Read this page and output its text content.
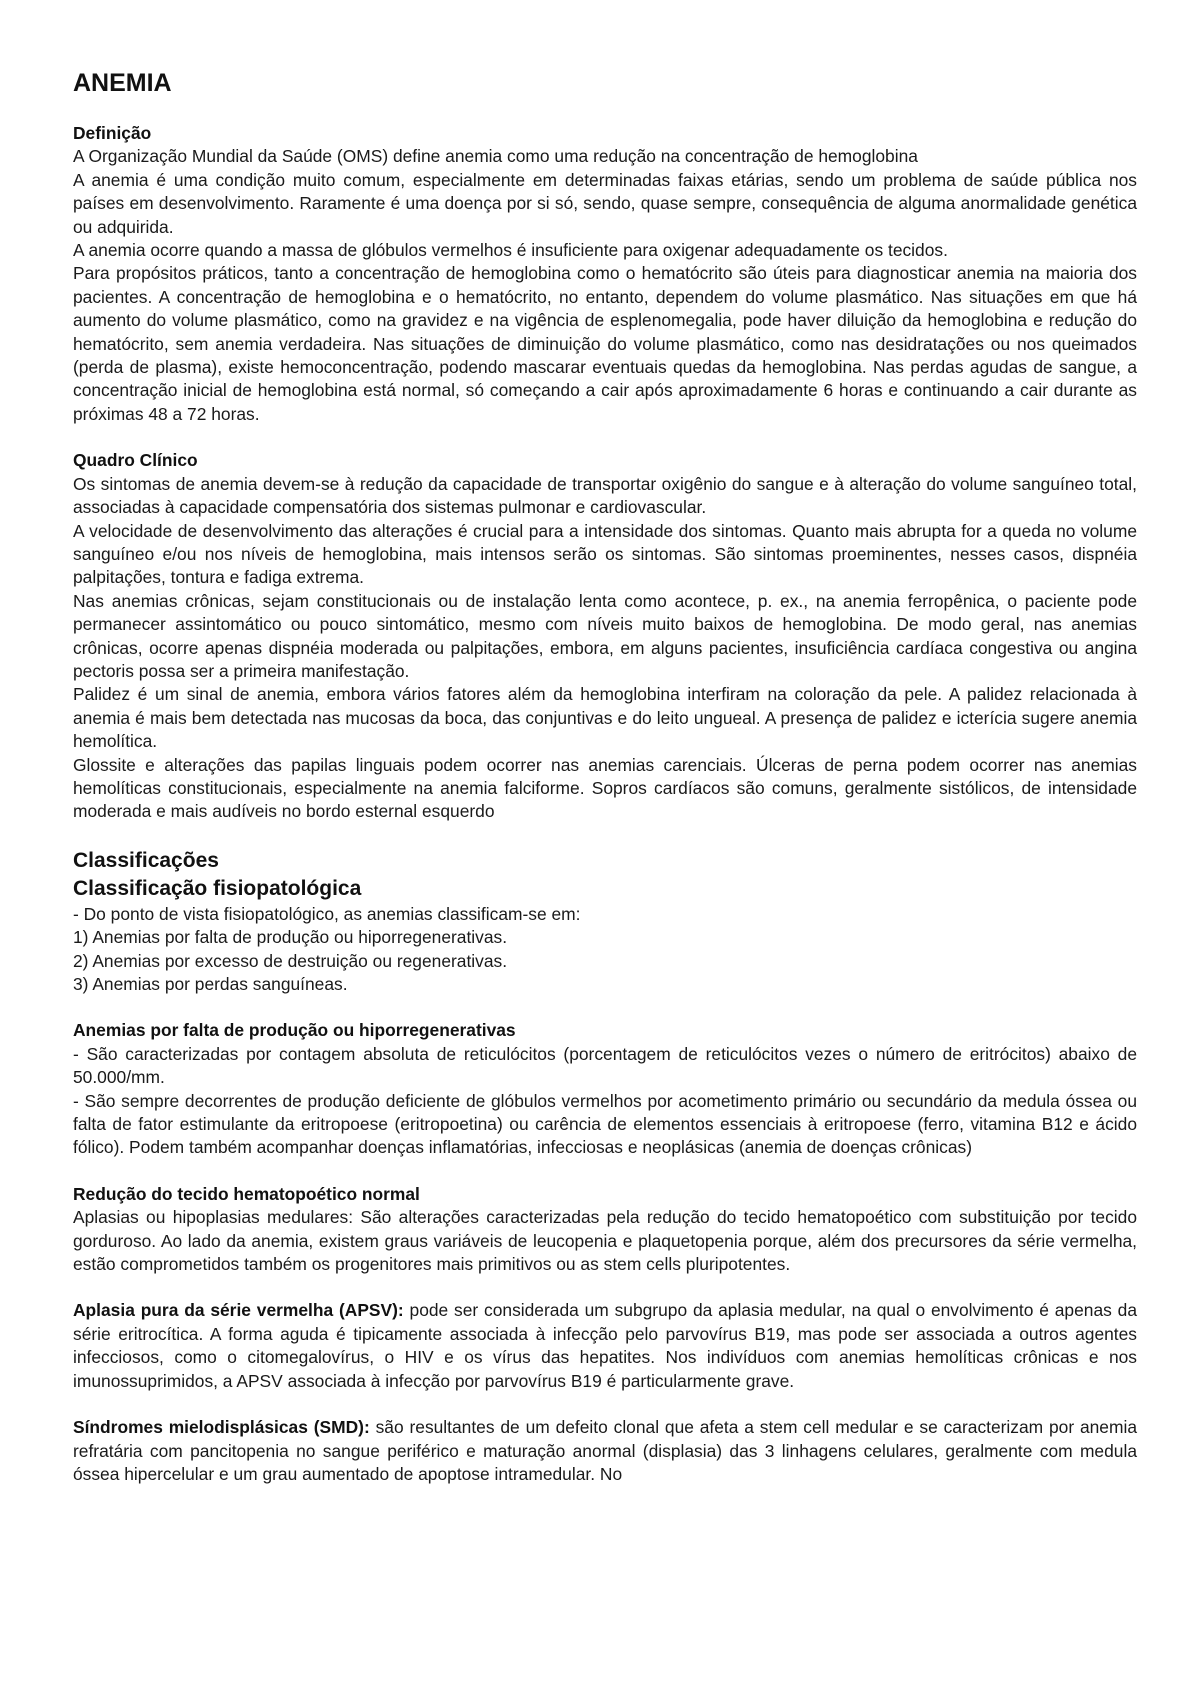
ANEMIA
Definição

A Organização Mundial da Saúde (OMS) define anemia como uma redução na concentração de hemoglobina

A anemia é uma condição muito comum, especialmente em determinadas faixas etárias, sendo um problema de saúde pública nos países em desenvolvimento. Raramente é uma doença por si só, sendo, quase sempre, consequência de alguma anormalidade genética ou adquirida.

A anemia ocorre quando a massa de glóbulos vermelhos é insuficiente para oxigenar adequadamente os tecidos.

Para propósitos práticos, tanto a concentração de hemoglobina como o hematócrito são úteis para diagnosticar anemia na maioria dos pacientes. A concentração de hemoglobina e o hematócrito, no entanto, dependem do volume plasmático. Nas situações em que há aumento do volume plasmático, como na gravidez e na vigência de esplenomegalia, pode haver diluição da hemoglobina e redução do hematócrito, sem anemia verdadeira. Nas situações de diminuição do volume plasmático, como nas desidratações ou nos queimados (perda de plasma), existe hemoconcentração, podendo mascarar eventuais quedas da hemoglobina. Nas perdas agudas de sangue, a concentração inicial de hemoglobina está normal, só começando a cair após aproximadamente 6 horas e continuando a cair durante as próximas 48 a 72 horas.

Quadro Clínico

Os sintomas de anemia devem-se à redução da capacidade de transportar oxigênio do sangue e à alteração do volume sanguíneo total, associadas à capacidade compensatória dos sistemas pulmonar e cardiovascular.

A velocidade de desenvolvimento das alterações é crucial para a intensidade dos sintomas. Quanto mais abrupta for a queda no volume sanguíneo e/ou nos níveis de hemoglobina, mais intensos serão os sintomas. São sintomas proeminentes, nesses casos, dispnéia palpitações, tontura e fadiga extrema.

Nas anemias crônicas, sejam constitucionais ou de instalação lenta como acontece, p. ex., na anemia ferropênica, o paciente pode permanecer assintomático ou pouco sintomático, mesmo com níveis muito baixos de hemoglobina. De modo geral, nas anemias crônicas, ocorre apenas dispnéia moderada ou palpitações, embora, em alguns pacientes, insuficiência cardíaca congestiva ou angina pectoris possa ser a primeira manifestação.

Palidez é um sinal de anemia, embora vários fatores além da hemoglobina interfiram na coloração da pele. A palidez relacionada à anemia é mais bem detectada nas mucosas da boca, das conjuntivas e do leito ungueal. A presença de palidez e icterícia sugere anemia hemolítica.

Glossite e alterações das papilas linguais podem ocorrer nas anemias carenciais. Úlceras de perna podem ocorrer nas anemias hemolíticas constitucionais, especialmente na anemia falciforme. Sopros cardíacos são comuns, geralmente sistólicos, de intensidade moderada e mais audíveis no bordo esternal esquerdo

Classificações
Classificação fisiopatológica

- Do ponto de vista fisiopatológico, as anemias classificam-se em:

1) Anemias por falta de produção ou hiporregenerativas.

2) Anemias por excesso de destruição ou regenerativas.

3) Anemias por perdas sanguíneas.

Anemias por falta de produção ou hiporregenerativas

- São caracterizadas por contagem absoluta de reticulócitos (porcentagem de reticulócitos vezes o número de eritrócitos) abaixo de 50.000/mm.

- São sempre decorrentes de produção deficiente de glóbulos vermelhos por acometimento primário ou secundário da medula óssea ou falta de fator estimulante da eritropoese (eritropoetina) ou carência de elementos essenciais à eritropoese (ferro, vitamina B12 e ácido fólico). Podem também acompanhar doenças inflamatórias, infecciosas e neoplásicas (anemia de doenças crônicas)

Redução do tecido hematopoético normal

Aplasias ou hipoplasias medulares: São alterações caracterizadas pela redução do tecido hematopoético com substituição por tecido gorduroso. Ao lado da anemia, existem graus variáveis de leucopenia e plaquetopenia porque, além dos precursores da série vermelha, estão comprometidos também os progenitores mais primitivos ou as stem cells pluripotentes.

Aplasia pura da série vermelha (APSV): pode ser considerada um subgrupo da aplasia medular, na qual o envolvimento é apenas da série eritrocítica. A forma aguda é tipicamente associada à infecção pelo parvovírus B19, mas pode ser associada a outros agentes infecciosos, como o citomegalovírus, o HIV e os vírus das hepatites. Nos indivíduos com anemias hemolíticas crônicas e nos imunossuprimidos, a APSV associada à infecção por parvovírus B19 é particularmente grave.

Síndromes mielodisplásicas (SMD): são resultantes de um defeito clonal que afeta a stem cell medular e se caracterizam por anemia refratária com pancitopenia no sangue periférico e maturação anormal (displasia) das 3 linhagens celulares, geralmente com medula óssea hipercelular e um grau aumentado de apoptose intramedular. No
